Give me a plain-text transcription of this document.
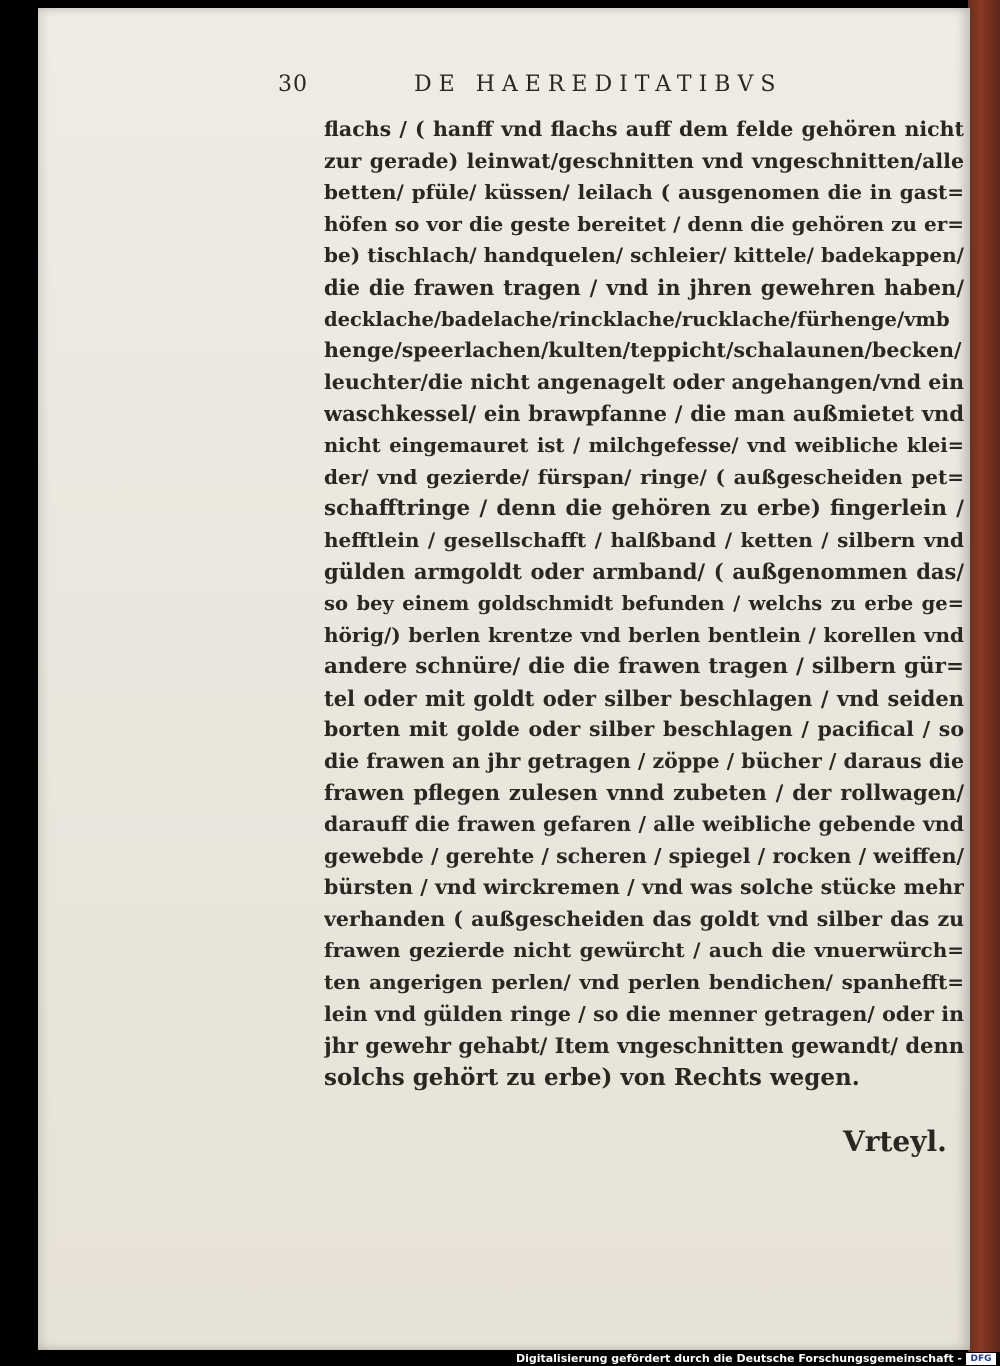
30	DE HAEREDITATIBVS
flachs / ( hanff vnd flachs auff dem felde gehören nicht
zur gerade) leinwat/geschnitten vnd vngeschnitten/alle
betten/ pfüle/ küssen/ leilach ( ausgenomen die in gast=
höfen so vor die geste bereitet / denn die gehören zu er=
be) tischlach/ handquelen/ schleier/ kittele/ badekappen/
die die frawen tragen / vnd in jhren gewehren haben/
decklache/badelache/rincklache/rucklache/fürhenge/vmb
henge/speerlachen/kulten/teppicht/schalaunen/becken/
leuchter/die nicht angenagelt oder angehangen/vnd ein
waschkessel/ ein brawpfanne / die man außmietet vnd
nicht eingemauret ist / milchgefesse/ vnd weibliche klei=
der/ vnd gezierde/ fürspan/ ringe/ ( außgescheiden pet=
schafftringe / denn die gehören zu erbe) fingerlein /
hefftlein / gesellschafft / halßband / ketten / silbern vnd
gülden armgoldt oder armband/ ( außgenommen das/
so bey einem goldschmidt befunden / welchs zu erbe ge=
hörig/) berlen krentze vnd berlen bentlein / korellen vnd
andere schnüre/ die die frawen tragen / silbern gür=
tel oder mit goldt oder silber beschlagen / vnd seiden
borten mit golde oder silber beschlagen / pacifical / so
die frawen an jhr getragen / zöppe / bücher / daraus die
frawen pflegen zulesen vnnd zubeten / der rollwagen/
darauff die frawen gefaren / alle weibliche gebende vnd
gewebde / gerehte / scheren / spiegel / rocken / weiffen/
bürsten / vnd wirckremen / vnd was solche stücke mehr
verhanden ( außgescheiden das goldt vnd silber das zu
frawen gezierde nicht gewürcht / auch die vnuerwürch=
ten angerigen perlen/ vnd perlen bendichen/ spanhefft=
lein vnd gülden ringe / so die menner getragen/ oder in
jhr gewehr gehabt/ Item vngeschnitten gewandt/ denn
solchs gehört zu erbe) von Rechts wegen.
Vrteyl.
Digitalisierung gefördert durch die Deutsche Forschungsgemeinschaft - DFG
